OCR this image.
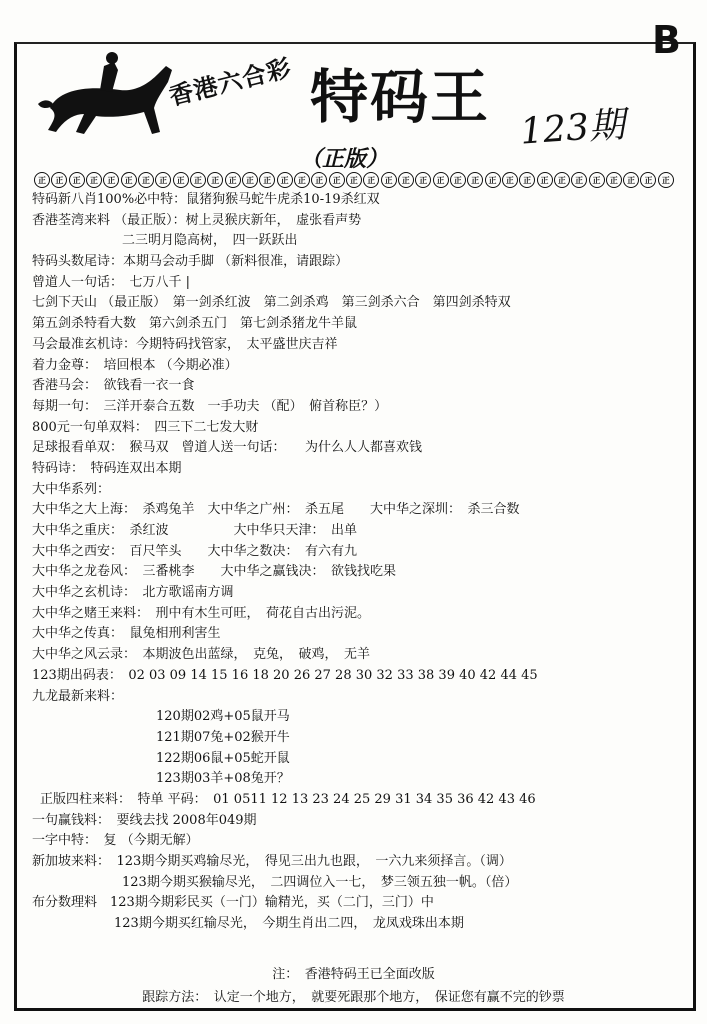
B
香港六合彩 特码王 123期
（正版）
正	正	正	正	正	正	正	正	正	正	正	正	正	正	正	正	正	正	正	正	正	正	正	正	正	正	正	正	正	正	正	正	正	正	正	正	正
特码新八肖100%必中特：鼠猪狗猴马蛇牛虎杀10-19杀红双
香港荃湾来料 （最正版）：树上灵猴庆新年，　虚张看声势
二三明月隐高树，　四一跃跃出
特码头数尾诗：本期马会动手脚 （新料很准，请跟踪）
曾道人一句话：　七万八千 |
七剑下天山 （最正版）　第一剑杀红波　第二剑杀鸡　第三剑杀六合　第四剑杀特双
第五剑杀特看大数　第六剑杀五门　第七剑杀猪龙牛羊鼠
马会最准玄机诗：今期特码找管家，　太平盛世庆吉祥
着力金尊：　培回根本 （今期必准）
香港马会：　欲钱看一衣一食
每期一句：　三洋开泰合五数　一手功夫 （配）　俯首称臣？）
800元一句单双料：　四三下二七发大财
足球报看单双：　猴马双　曾道人送一句话：　　为什么人人都喜欢钱
特码诗：　特码连双出本期
大中华系列：
大中华之大上海：　杀鸡兔羊　大中华之广州：　杀五尾　　大中华之深圳：　杀三合数
大中华之重庆：　杀红波　　　　　大中华只天津：　出单
大中华之西安：　百尺竿头　　大中华之数决：　有六有九
大中华之龙卷风：　三番桃李　　大中华之赢钱决：　欲钱找吃果
大中华之玄机诗：　北方歌谣南方调
大中华之赌王来料：　刑中有木生可旺，　荷花自古出污泥。
大中华之传真：　鼠兔相刑利害生
大中华之风云录：　本期波色出蓝绿，　克兔，　破鸡，　无羊
123期出码表：　02 03 09 14 15 16 18 20 26 27 28 30 32 33 38 39 40 42 44 45
九龙最新来料：
120期02鸡+05鼠开马
121期07兔+02猴开牛
122期06鼠+05蛇开鼠
123期03羊+08兔开？
正版四柱来料：　特单 平码：　01 0511 12 13 23 24 25 29 31 34 35 36 42 43 46
一句赢钱料：　要线去找 2008年049期
一字中特：　复 （今期无解）
新加坡来料：　123期今期买鸡输尽光，　得见三出九也跟，　一六九来须择言。（调）
123期今期买猴输尽光，　二四调位入一七，　梦三领五独一帆。（倍）
布分数理料　123期今期彩民买（一门）输精光，买（二门，三门）中
123期今期买红输尽光，　今期生肖出二四，　龙凤戏珠出本期
注：　香港特码王已全面改版
跟踪方法：　认定一个地方，　就要死跟那个地方，　保证您有赢不完的钞票
